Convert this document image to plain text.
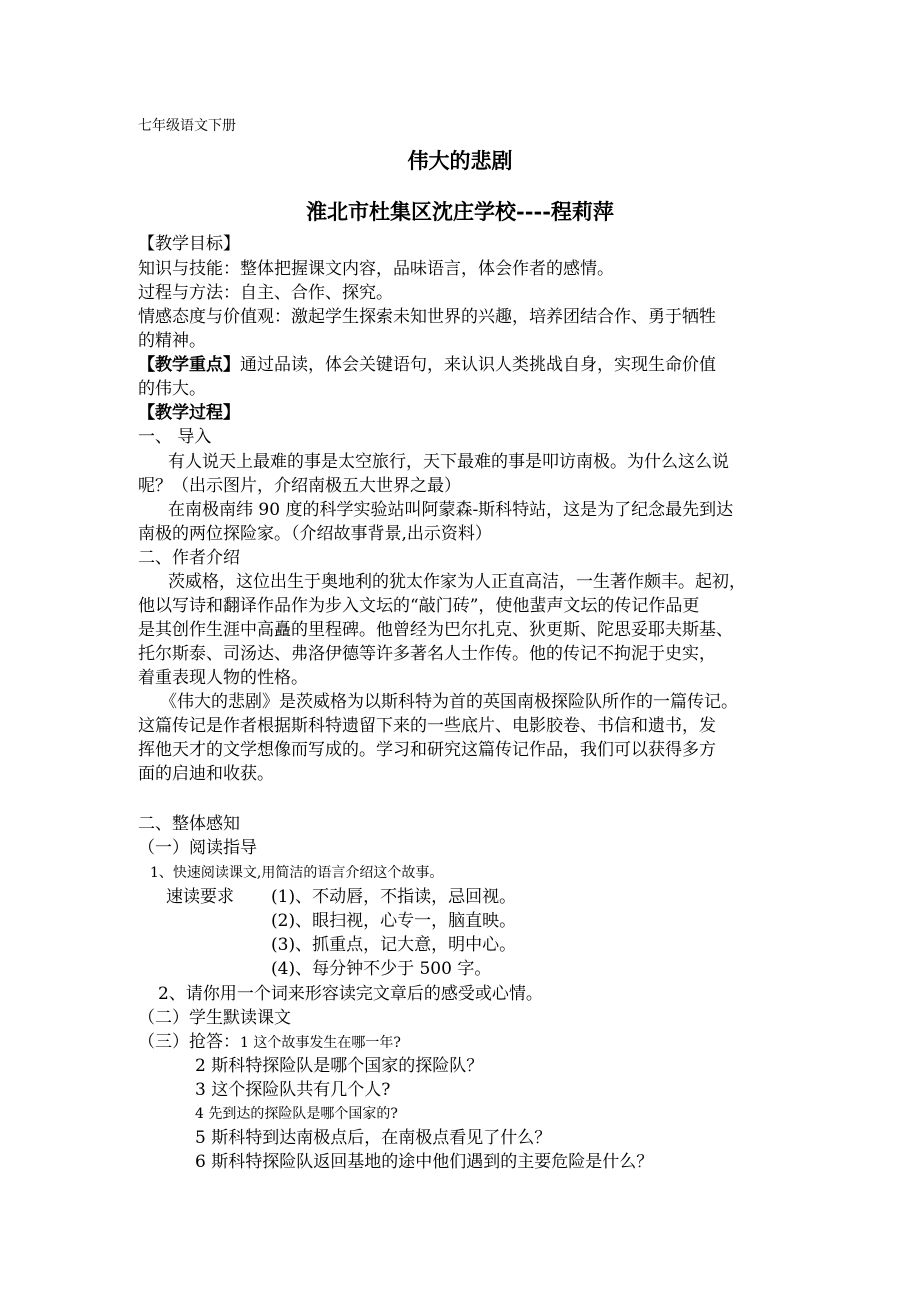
七年级语文下册
伟大的悲剧
淮北市杜集区沈庄学校----程莉萍
【教学目标】
知识与技能：整体把握课文内容，品味语言，体会作者的感情。
过程与方法：自主、合作、探究。
情感态度与价值观：激起学生探索未知世界的兴趣，培养团结合作、勇于牺牲
的精神。
【教学重点】通过品读，体会关键语句，来认识人类挑战自身，实现生命价值
的伟大。
【教学过程】
一、 导入
有人说天上最难的事是太空旅行，天下最难的事是叩访南极。为什么这么说
呢？（出示图片，介绍南极五大世界之最）
在南极南纬 90 度的科学实验站叫阿蒙森-斯科特站，这是为了纪念最先到达
南极的两位探险家。（介绍故事背景,出示资料）
二、作者介绍
茨威格，这位出生于奥地利的犹太作家为人正直高洁，一生著作颇丰。起初，
他以写诗和翻译作品作为步入文坛的“敲门砖”，使他蜚声文坛的传记作品更
是其创作生涯中高矗的里程碑。他曾经为巴尔扎克、狄更斯、陀思妥耶夫斯基、
托尔斯泰、司汤达、弗洛伊德等许多著名人士作传。他的传记不拘泥于史实，
着重表现人物的性格。
《伟大的悲剧》是茨威格为以斯科特为首的英国南极探险队所作的一篇传记。
这篇传记是作者根据斯科特遗留下来的一些底片、电影胶卷、书信和遗书，发
挥他天才的文学想像而写成的。学习和研究这篇传记作品，我们可以获得多方
面的启迪和收获。
二、整体感知
（一）阅读指导
1、快速阅读课文,用简洁的语言介绍这个故事。
速读要求 (1)、不动唇，不指读，忌回视。
(2)、眼扫视，心专一，脑直映。
(3)、抓重点，记大意，明中心。
(4)、每分钟不少于 500 字。
2、请你用一个词来形容读完文章后的感受或心情。
（二）学生默读课文
（三）抢答：1 这个故事发生在哪一年?
2 斯科特探险队是哪个国家的探险队？
3 这个探险队共有几个人?
4 先到达的探险队是哪个国家的?
5 斯科特到达南极点后，在南极点看见了什么？
6 斯科特探险队返回基地的途中他们遇到的主要危险是什么？
